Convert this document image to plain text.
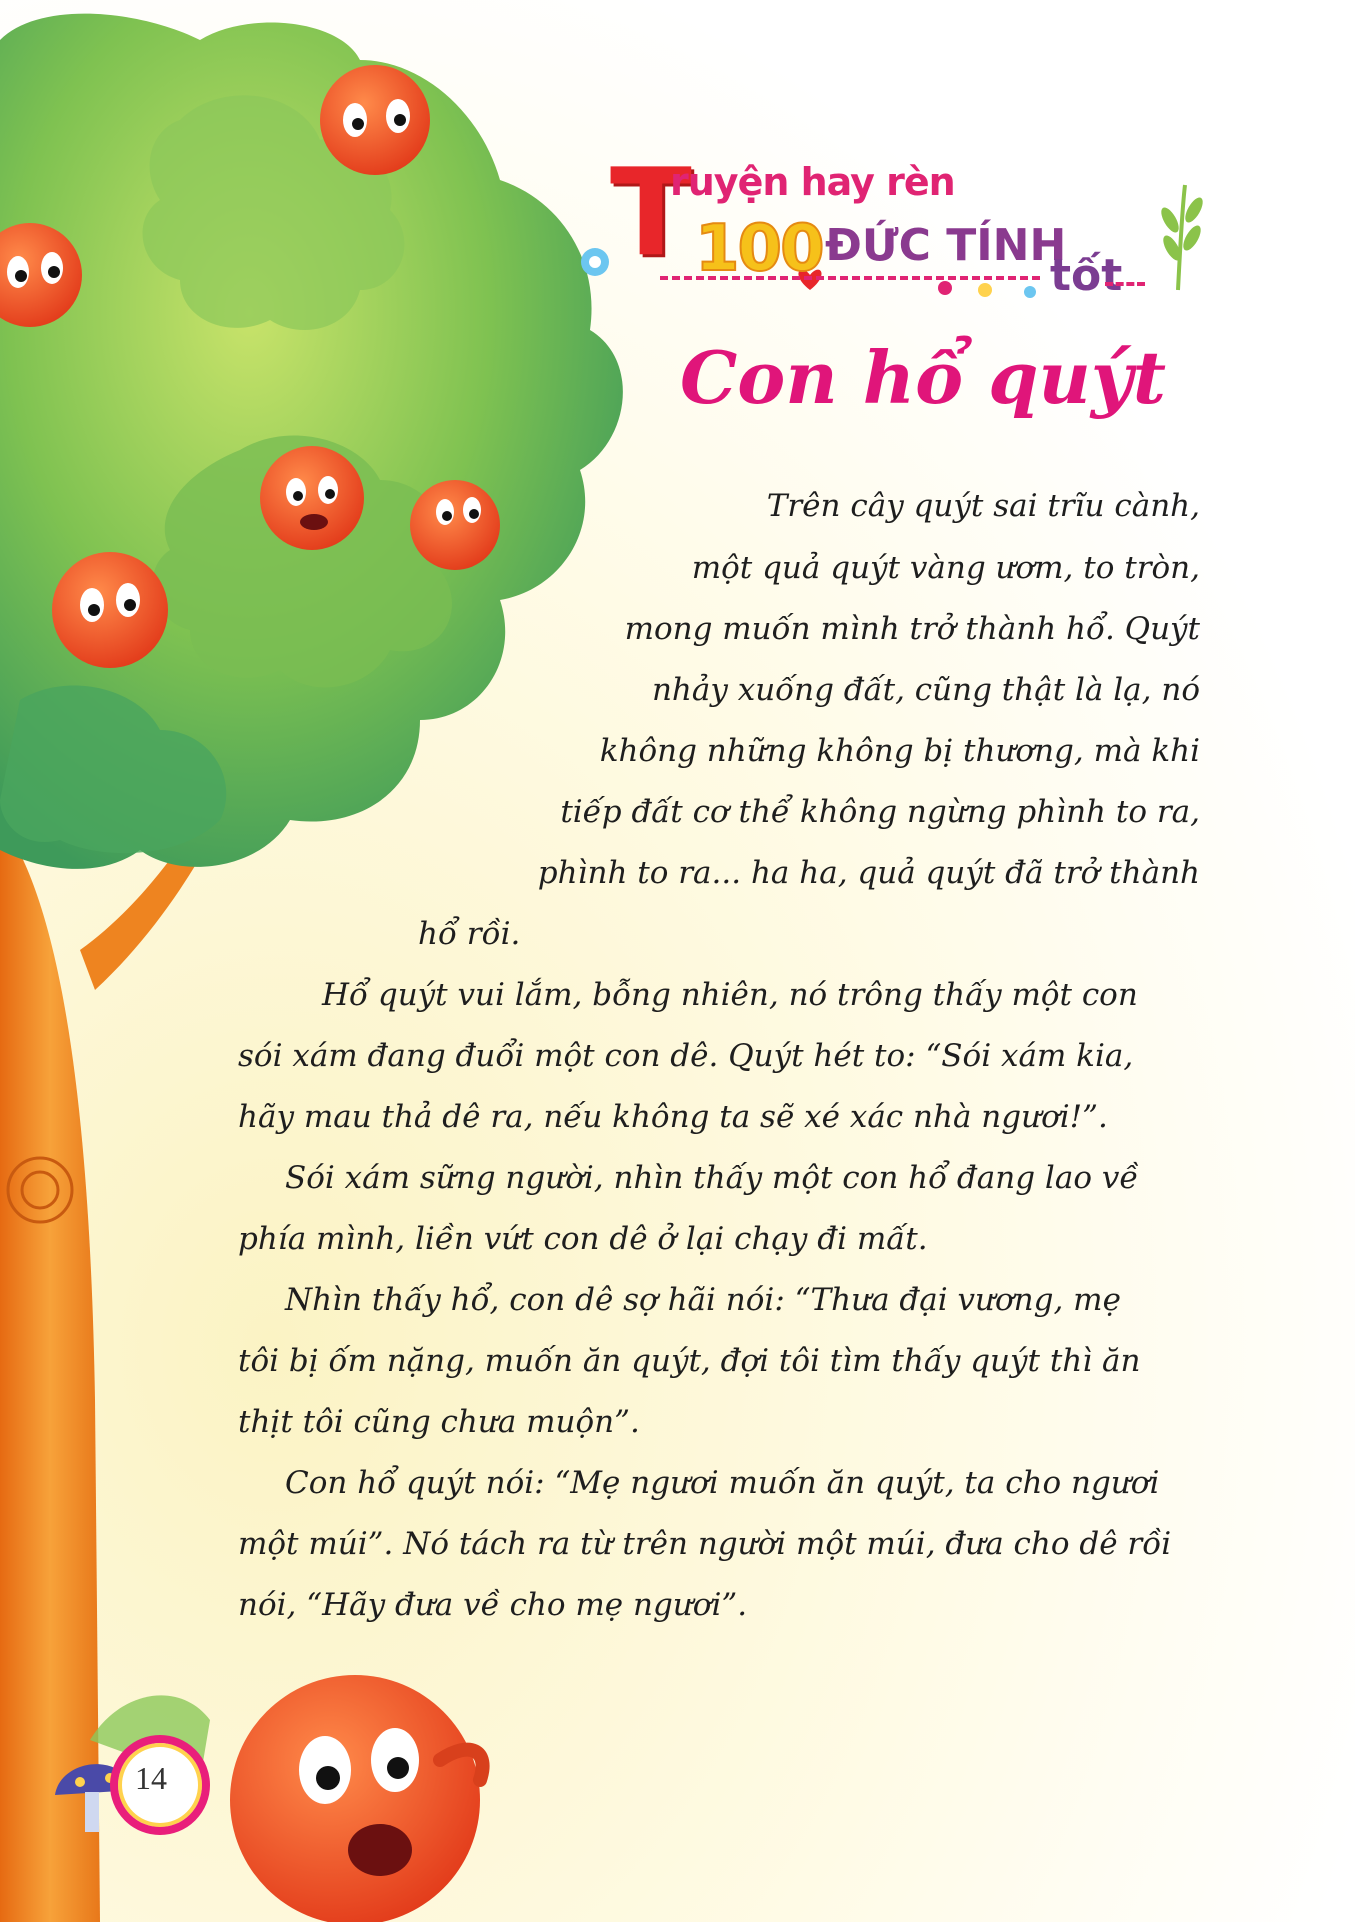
T
ruyện hay rèn
100 ĐỨC TÍNH
tốt
Con hổ quýt
Trên cây quýt sai trĩu cành,
một quả quýt vàng ươm, to tròn,
mong muốn mình trở thành hổ. Quýt
nhảy xuống đất, cũng thật là lạ, nó
không những không bị thương, mà khi
tiếp đất cơ thể không ngừng phình to ra,
phình to ra... ha ha, quả quýt đã trở thành
hổ rồi.
Hổ quýt vui lắm, bỗng nhiên, nó trông thấy một con
sói xám đang đuổi một con dê. Quýt hét to: “Sói xám kia,
hãy mau thả dê ra, nếu không ta sẽ xé xác nhà ngươi!”.
Sói xám sững người, nhìn thấy một con hổ đang lao về
phía mình, liền vứt con dê ở lại chạy đi mất.
Nhìn thấy hổ, con dê sợ hãi nói: “Thưa đại vương, mẹ
tôi bị ốm nặng, muốn ăn quýt, đợi tôi tìm thấy quýt thì ăn
thịt tôi cũng chưa muộn”.
Con hổ quýt nói: “Mẹ ngươi muốn ăn quýt, ta cho ngươi
một múi”. Nó tách ra từ trên người một múi, đưa cho dê rồi
nói, “Hãy đưa về cho mẹ ngươi”.
14
